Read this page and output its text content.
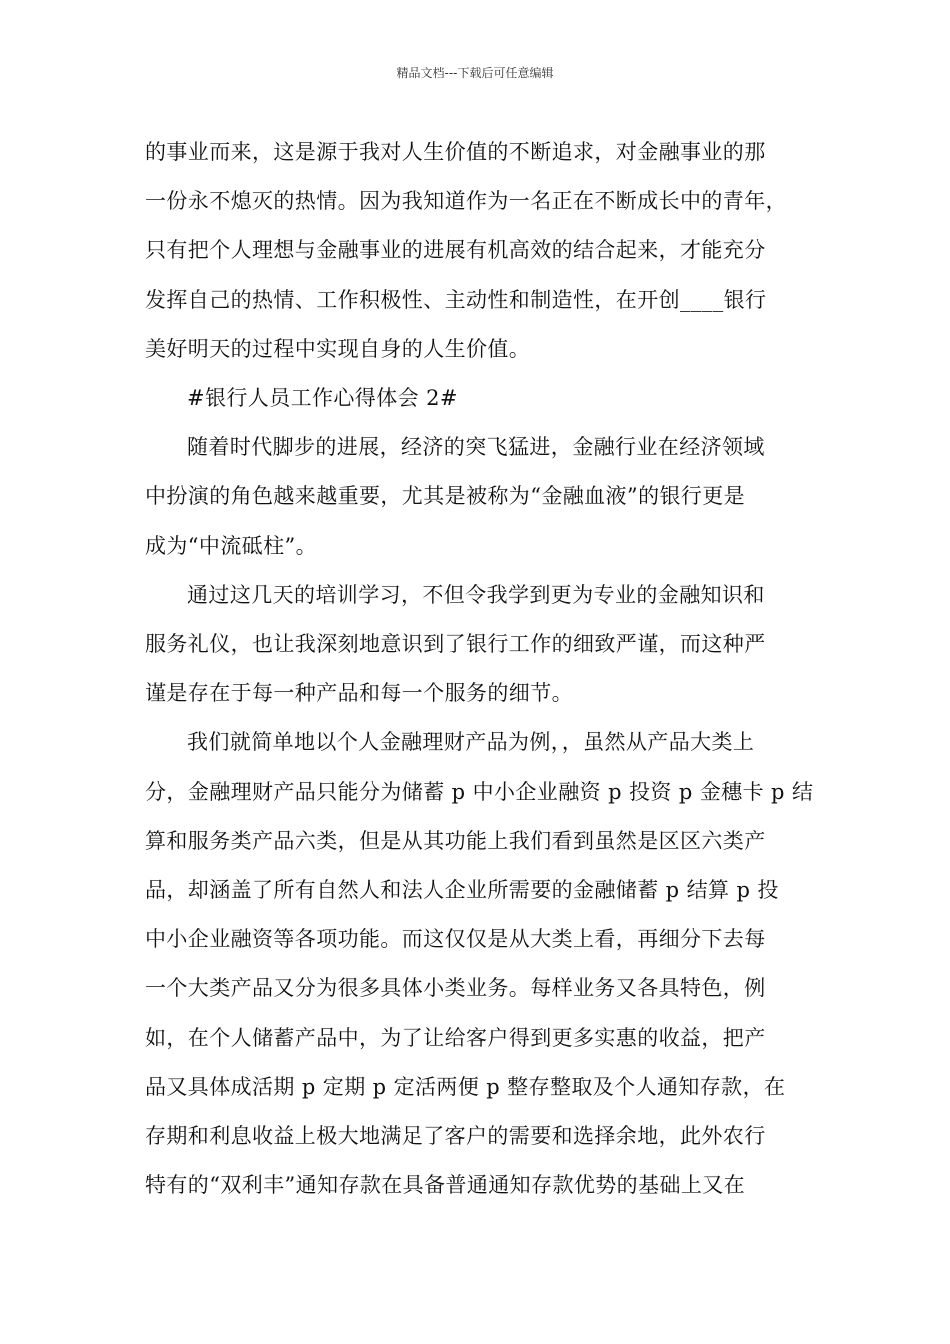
精品文档---下载后可任意编辑

的事业而来，这是源于我对人生价值的不断追求，对金融事业的那
一份永不熄灭的热情。因为我知道作为一名正在不断成长中的青年，
只有把个人理想与金融事业的进展有机高效的结合起来，才能充分
发挥自己的热情、工作积极性、主动性和制造性，在开创____银行
美好明天的过程中实现自身的人生价值。

#银行人员工作心得体会 2#

随着时代脚步的进展，经济的突飞猛进，金融行业在经济领域
中扮演的角色越来越重要，尤其是被称为“金融血液”的银行更是
成为“中流砥柱”。

通过这几天的培训学习，不但令我学到更为专业的金融知识和
服务礼仪，也让我深刻地意识到了银行工作的细致严谨，而这种严
谨是存在于每一种产品和每一个服务的细节。

我们就简单地以个人金融理财产品为例，，虽然从产品大类上
分，金融理财产品只能分为储蓄 p 中小企业融资 p 投资 p 金穗卡 p 结
算和服务类产品六类，但是从其功能上我们看到虽然是区区六类产
品，却涵盖了所有自然人和法人企业所需要的金融储蓄 p 结算 p 投
中小企业融资等各项功能。而这仅仅是从大类上看，再细分下去每
一个大类产品又分为很多具体小类业务。每样业务又各具特色，例
如，在个人储蓄产品中，为了让给客户得到更多实惠的收益，把产
品又具体成活期 p 定期 p 定活两便 p 整存整取及个人通知存款，在
存期和利息收益上极大地满足了客户的需要和选择余地，此外农行
特有的“双利丰”通知存款在具备普通通知存款优势的基础上又在
